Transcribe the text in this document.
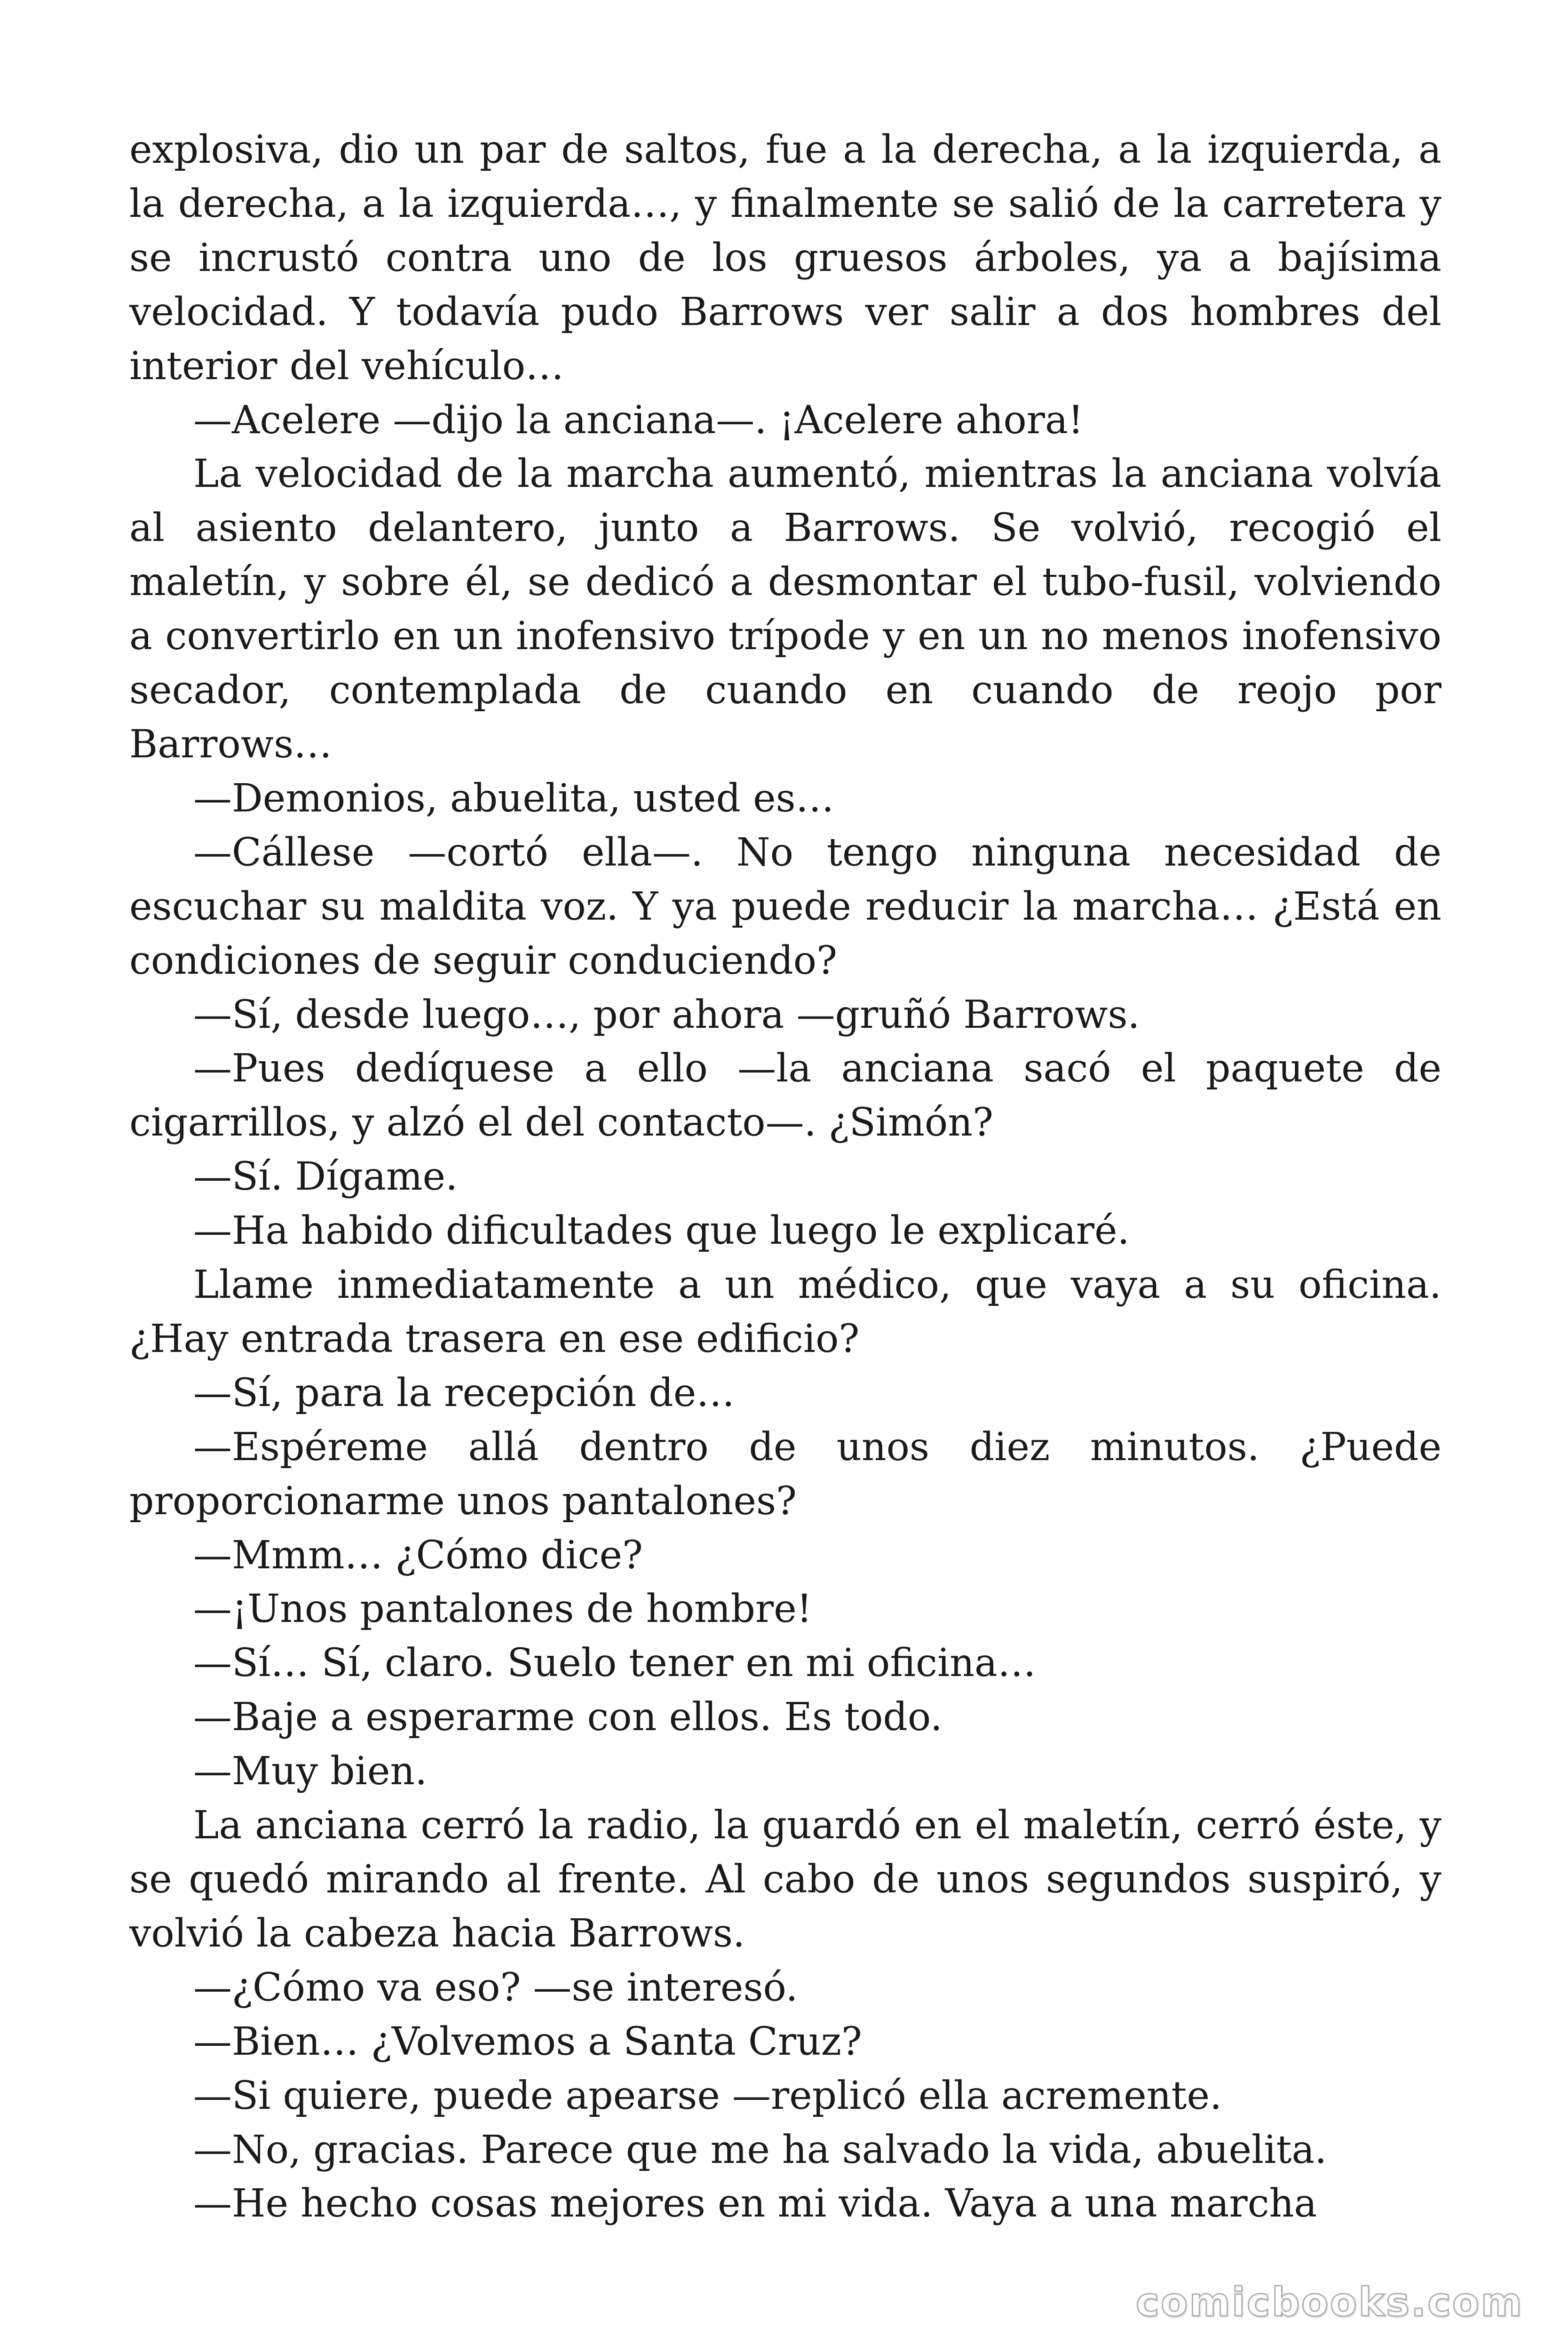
explosiva, dio un par de saltos, fue a la derecha, a la izquierda, a la derecha, a la izquierda…, y finalmente se salió de la carretera y se incrustó contra uno de los gruesos árboles, ya a bajísima velocidad. Y todavía pudo Barrows ver salir a dos hombres del interior del vehículo…

—Acelere —dijo la anciana—. ¡Acelere ahora!

La velocidad de la marcha aumentó, mientras la anciana volvía al asiento delantero, junto a Barrows. Se volvió, recogió el maletín, y sobre él, se dedicó a desmontar el tubo-fusil, volviendo a convertirlo en un inofensivo trípode y en un no menos inofensivo secador, contemplada de cuando en cuando de reojo por Barrows…

—Demonios, abuelita, usted es…

—Cállese —cortó ella—. No tengo ninguna necesidad de escuchar su maldita voz. Y ya puede reducir la marcha… ¿Está en condiciones de seguir conduciendo?

—Sí, desde luego…, por ahora —gruñó Barrows.

—Pues dedíquese a ello —la anciana sacó el paquete de cigarrillos, y alzó el del contacto—. ¿Simón?

—Sí. Dígame.

—Ha habido dificultades que luego le explicaré.

Llame inmediatamente a un médico, que vaya a su oficina. ¿Hay entrada trasera en ese edificio?

—Sí, para la recepción de…

—Espéreme allá dentro de unos diez minutos. ¿Puede proporcionarme unos pantalones?

—Mmm… ¿Cómo dice?

—¡Unos pantalones de hombre!

—Sí… Sí, claro. Suelo tener en mi oficina…

—Baje a esperarme con ellos. Es todo.

—Muy bien.

La anciana cerró la radio, la guardó en el maletín, cerró éste, y se quedó mirando al frente. Al cabo de unos segundos suspiró, y volvió la cabeza hacia Barrows.

—¿Cómo va eso? —se interesó.

—Bien… ¿Volvemos a Santa Cruz?

—Si quiere, puede apearse —replicó ella acremente.

—No, gracias. Parece que me ha salvado la vida, abuelita.

—He hecho cosas mejores en mi vida. Vaya a una marcha

comicbooks.com
